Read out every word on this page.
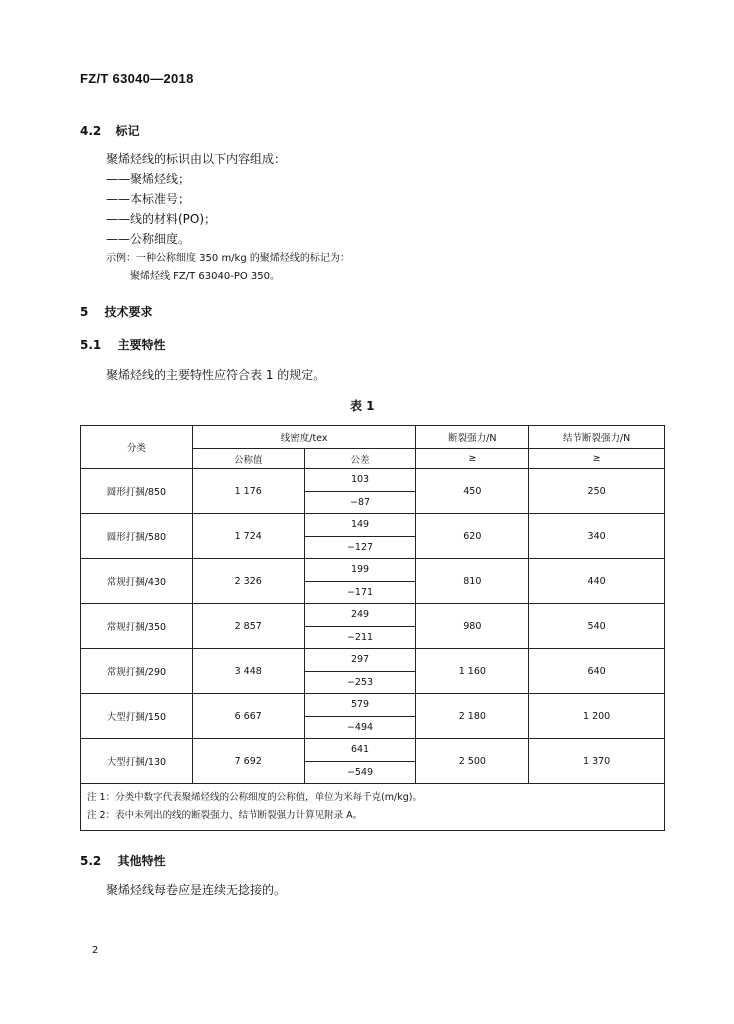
FZ/T 63040—2018
4.2 标记
聚烯烃线的标识由以下内容组成：
——聚烯烃线；
——本标准号；
——线的材料(PO)；
——公称细度。
示例：一种公称细度 350 m/kg 的聚烯烃线的标记为：
聚烯烃线 FZ/T 63040-PO 350。
5 技术要求
5.1 主要特性
聚烯烃线的主要特性应符合表 1 的规定。
表 1
分类	线密度/tex		断裂强力/N	结节断裂强力/N
	公称值	公差	≥	≥
圆形打捆/850	1 176	103	450	250
		−87		
圆形打捆/580	1 724	149	620	340
		−127		
常规打捆/430	2 326	199	810	440
		−171		
常规打捆/350	2 857	249	980	540
		−211		
常规打捆/290	3 448	297	1 160	640
		−253		
大型打捆/150	6 667	579	2 180	1 200
		−494		
大型打捆/130	7 692	641	2 500	1 370
		−549		

注 1：分类中数字代表聚烯烃线的公称细度的公称值，单位为米每千克(m/kg)。
注 2：表中未列出的线的断裂强力、结节断裂强力计算见附录 A。				
5.2 其他特性
聚烯烃线每卷应是连续无捻接的。
2
